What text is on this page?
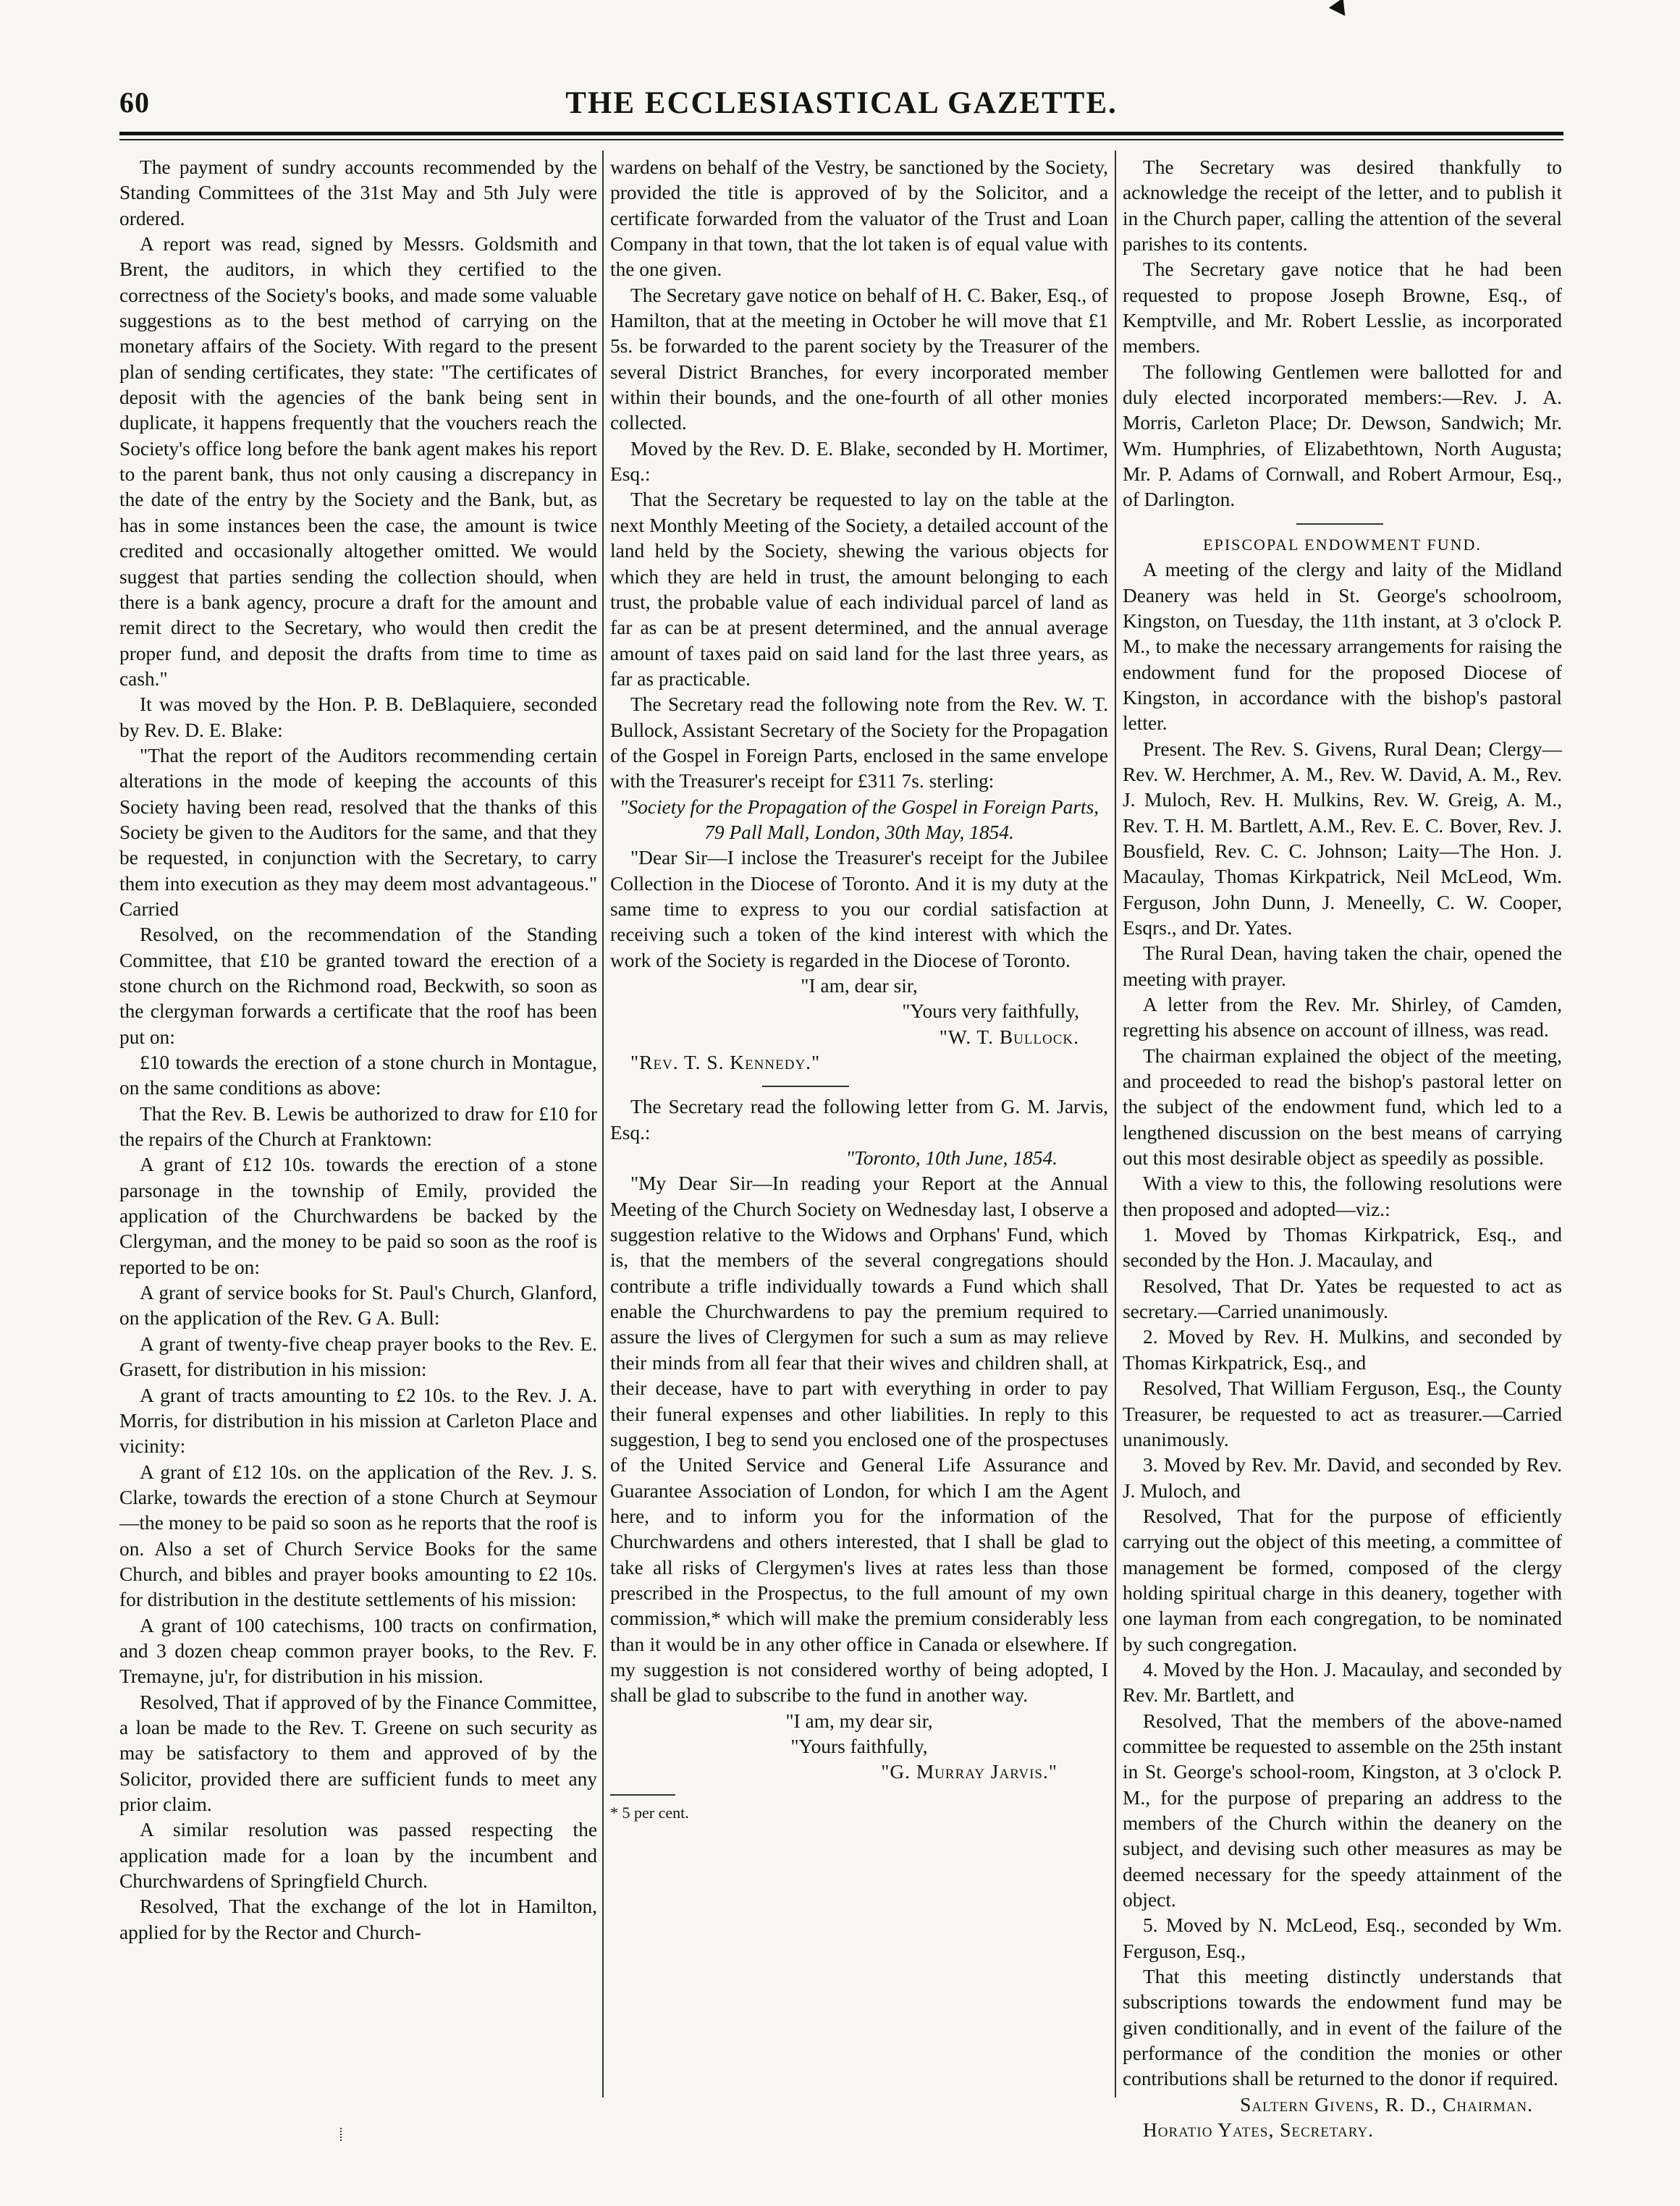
60	THE ECCLESIASTICAL GAZETTE.

The payment of sundry accounts recommended by the Standing Committees of the 31st May and 5th July were ordered.

A report was read, signed by Messrs. Goldsmith and Brent, the auditors, in which they certified to the correctness of the Society's books, and made some valuable suggestions as to the best method of carrying on the monetary affairs of the Society. With regard to the present plan of sending certificates, they state: "The certificates of deposit with the agencies of the bank being sent in duplicate, it happens frequently that the vouchers reach the Society's office long before the bank agent makes his report to the parent bank, thus not only causing a discrepancy in the date of the entry by the Society and the Bank, but, as has in some instances been the case, the amount is twice credited and occasionally altogether omitted. We would suggest that parties sending the collection should, when there is a bank agency, procure a draft for the amount and remit direct to the Secretary, who would then credit the proper fund, and deposit the drafts from time to time as cash."

It was moved by the Hon. P. B. DeBlaquiere, seconded by Rev. D. E. Blake:

"That the report of the Auditors recommending certain alterations in the mode of keeping the accounts of this Society having been read, resolved that the thanks of this Society be given to the Auditors for the same, and that they be requested, in conjunction with the Secretary, to carry them into execution as they may deem most advantageous." Carried

Resolved, on the recommendation of the Standing Committee, that £10 be granted toward the erection of a stone church on the Richmond road, Beckwith, so soon as the clergyman forwards a certificate that the roof has been put on:

£10 towards the erection of a stone church in Montague, on the same conditions as above:

That the Rev. B. Lewis be authorized to draw for £10 for the repairs of the Church at Franktown:

A grant of £12 10s. towards the erection of a stone parsonage in the township of Emily, provided the application of the Churchwardens be backed by the Clergyman, and the money to be paid so soon as the roof is reported to be on:

A grant of service books for St. Paul's Church, Glanford, on the application of the Rev. G A. Bull:

A grant of twenty-five cheap prayer books to the Rev. E. Grasett, for distribution in his mission:

A grant of tracts amounting to £2 10s. to the Rev. J. A. Morris, for distribution in his mission at Carleton Place and vicinity:

A grant of £12 10s. on the application of the Rev. J. S. Clarke, towards the erection of a stone Church at Seymour—the money to be paid so soon as he reports that the roof is on. Also a set of Church Service Books for the same Church, and bibles and prayer books amounting to £2 10s. for distribution in the destitute settlements of his mission:

A grant of 100 catechisms, 100 tracts on confirmation, and 3 dozen cheap common prayer books, to the Rev. F. Tremayne, ju'r, for distribution in his mission.

Resolved, That if approved of by the Finance Committee, a loan be made to the Rev. T. Greene on such security as may be satisfactory to them and approved of by the Solicitor, provided there are sufficient funds to meet any prior claim.

A similar resolution was passed respecting the application made for a loan by the incumbent and Churchwardens of Springfield Church.

Resolved, That the exchange of the lot in Hamilton, applied for by the Rector and Church-

wardens on behalf of the Vestry, be sanctioned by the Society, provided the title is approved of by the Solicitor, and a certificate forwarded from the valuator of the Trust and Loan Company in that town, that the lot taken is of equal value with the one given.

The Secretary gave notice on behalf of H. C. Baker, Esq., of Hamilton, that at the meeting in October he will move that £1 5s. be forwarded to the parent society by the Treasurer of the several District Branches, for every incorporated member within their bounds, and the one-fourth of all other monies collected.

Moved by the Rev. D. E. Blake, seconded by H. Mortimer, Esq.:

That the Secretary be requested to lay on the table at the next Monthly Meeting of the Society, a detailed account of the land held by the Society, shewing the various objects for which they are held in trust, the amount belonging to each trust, the probable value of each individual parcel of land as far as can be at present determined, and the annual average amount of taxes paid on said land for the last three years, as far as practicable.

The Secretary read the following note from the Rev. W. T. Bullock, Assistant Secretary of the Society for the Propagation of the Gospel in Foreign Parts, enclosed in the same envelope with the Treasurer's receipt for £311 7s. sterling:

"Society for the Propagation of the Gospel in Foreign Parts, 79 Pall Mall, London, 30th May, 1854.

"Dear Sir—I inclose the Treasurer's receipt for the Jubilee Collection in the Diocese of Toronto. And it is my duty at the same time to express to you our cordial satisfaction at receiving such a token of the kind interest with which the work of the Society is regarded in the Diocese of Toronto.

"I am, dear sir,

"Yours very faithfully,

"W. T. Bullock.

"Rev. T. S. Kennedy."

The Secretary read the following letter from G. M. Jarvis, Esq.:

"Toronto, 10th June, 1854.

"My Dear Sir—In reading your Report at the Annual Meeting of the Church Society on Wednesday last, I observe a suggestion relative to the Widows and Orphans' Fund, which is, that the members of the several congregations should contribute a trifle individually towards a Fund which shall enable the Churchwardens to pay the premium required to assure the lives of Clergymen for such a sum as may relieve their minds from all fear that their wives and children shall, at their decease, have to part with everything in order to pay their funeral expenses and other liabilities. In reply to this suggestion, I beg to send you enclosed one of the prospectuses of the United Service and General Life Assurance and Guarantee Association of London, for which I am the Agent here, and to inform you for the information of the Churchwardens and others interested, that I shall be glad to take all risks of Clergymen's lives at rates less than those prescribed in the Prospectus, to the full amount of my own commission,* which will make the premium considerably less than it would be in any other office in Canada or elsewhere. If my suggestion is not considered worthy of being adopted, I shall be glad to subscribe to the fund in another way.

"I am, my dear sir,

"Yours faithfully,

"G. Murray Jarvis."

* 5 per cent.

The Secretary was desired thankfully to acknowledge the receipt of the letter, and to publish it in the Church paper, calling the attention of the several parishes to its contents.

The Secretary gave notice that he had been requested to propose Joseph Browne, Esq., of Kemptville, and Mr. Robert Lesslie, as incorporated members.

The following Gentlemen were ballotted for and duly elected incorporated members:—Rev. J. A. Morris, Carleton Place; Dr. Dewson, Sandwich; Mr. Wm. Humphries, of Elizabethtown, North Augusta; Mr. P. Adams of Cornwall, and Robert Armour, Esq., of Darlington.

EPISCOPAL ENDOWMENT FUND.

A meeting of the clergy and laity of the Midland Deanery was held in St. George's schoolroom, Kingston, on Tuesday, the 11th instant, at 3 o'clock P. M., to make the necessary arrangements for raising the endowment fund for the proposed Diocese of Kingston, in accordance with the bishop's pastoral letter.

Present. The Rev. S. Givens, Rural Dean; Clergy—Rev. W. Herchmer, A. M., Rev. W. David, A. M., Rev. J. Muloch, Rev. H. Mulkins, Rev. W. Greig, A. M., Rev. T. H. M. Bartlett, A.M., Rev. E. C. Bover, Rev. J. Bousfield, Rev. C. C. Johnson; Laity—The Hon. J. Macaulay, Thomas Kirkpatrick, Neil McLeod, Wm. Ferguson, John Dunn, J. Meneelly, C. W. Cooper, Esqrs., and Dr. Yates.

The Rural Dean, having taken the chair, opened the meeting with prayer.

A letter from the Rev. Mr. Shirley, of Camden, regretting his absence on account of illness, was read.

The chairman explained the object of the meeting, and proceeded to read the bishop's pastoral letter on the subject of the endowment fund, which led to a lengthened discussion on the best means of carrying out this most desirable object as speedily as possible.

With a view to this, the following resolutions were then proposed and adopted—viz.:

1. Moved by Thomas Kirkpatrick, Esq., and seconded by the Hon. J. Macaulay, and

Resolved, That Dr. Yates be requested to act as secretary.—Carried unanimously.

2. Moved by Rev. H. Mulkins, and seconded by Thomas Kirkpatrick, Esq., and

Resolved, That William Ferguson, Esq., the County Treasurer, be requested to act as treasurer.—Carried unanimously.

3. Moved by Rev. Mr. David, and seconded by Rev. J. Muloch, and

Resolved, That for the purpose of efficiently carrying out the object of this meeting, a committee of management be formed, composed of the clergy holding spiritual charge in this deanery, together with one layman from each congregation, to be nominated by such congregation.

4. Moved by the Hon. J. Macaulay, and seconded by Rev. Mr. Bartlett, and

Resolved, That the members of the above-named committee be requested to assemble on the 25th instant in St. George's school-room, Kingston, at 3 o'clock P. M., for the purpose of preparing an address to the members of the Church within the deanery on the subject, and devising such other measures as may be deemed necessary for the speedy attainment of the object.

5. Moved by N. McLeod, Esq., seconded by Wm. Ferguson, Esq.,

That this meeting distinctly understands that subscriptions towards the endowment fund may be given conditionally, and in event of the failure of the performance of the condition the monies or other contributions shall be returned to the donor if required.

Saltern Givens, R. D., Chairman.

Horatio Yates, Secretary.
